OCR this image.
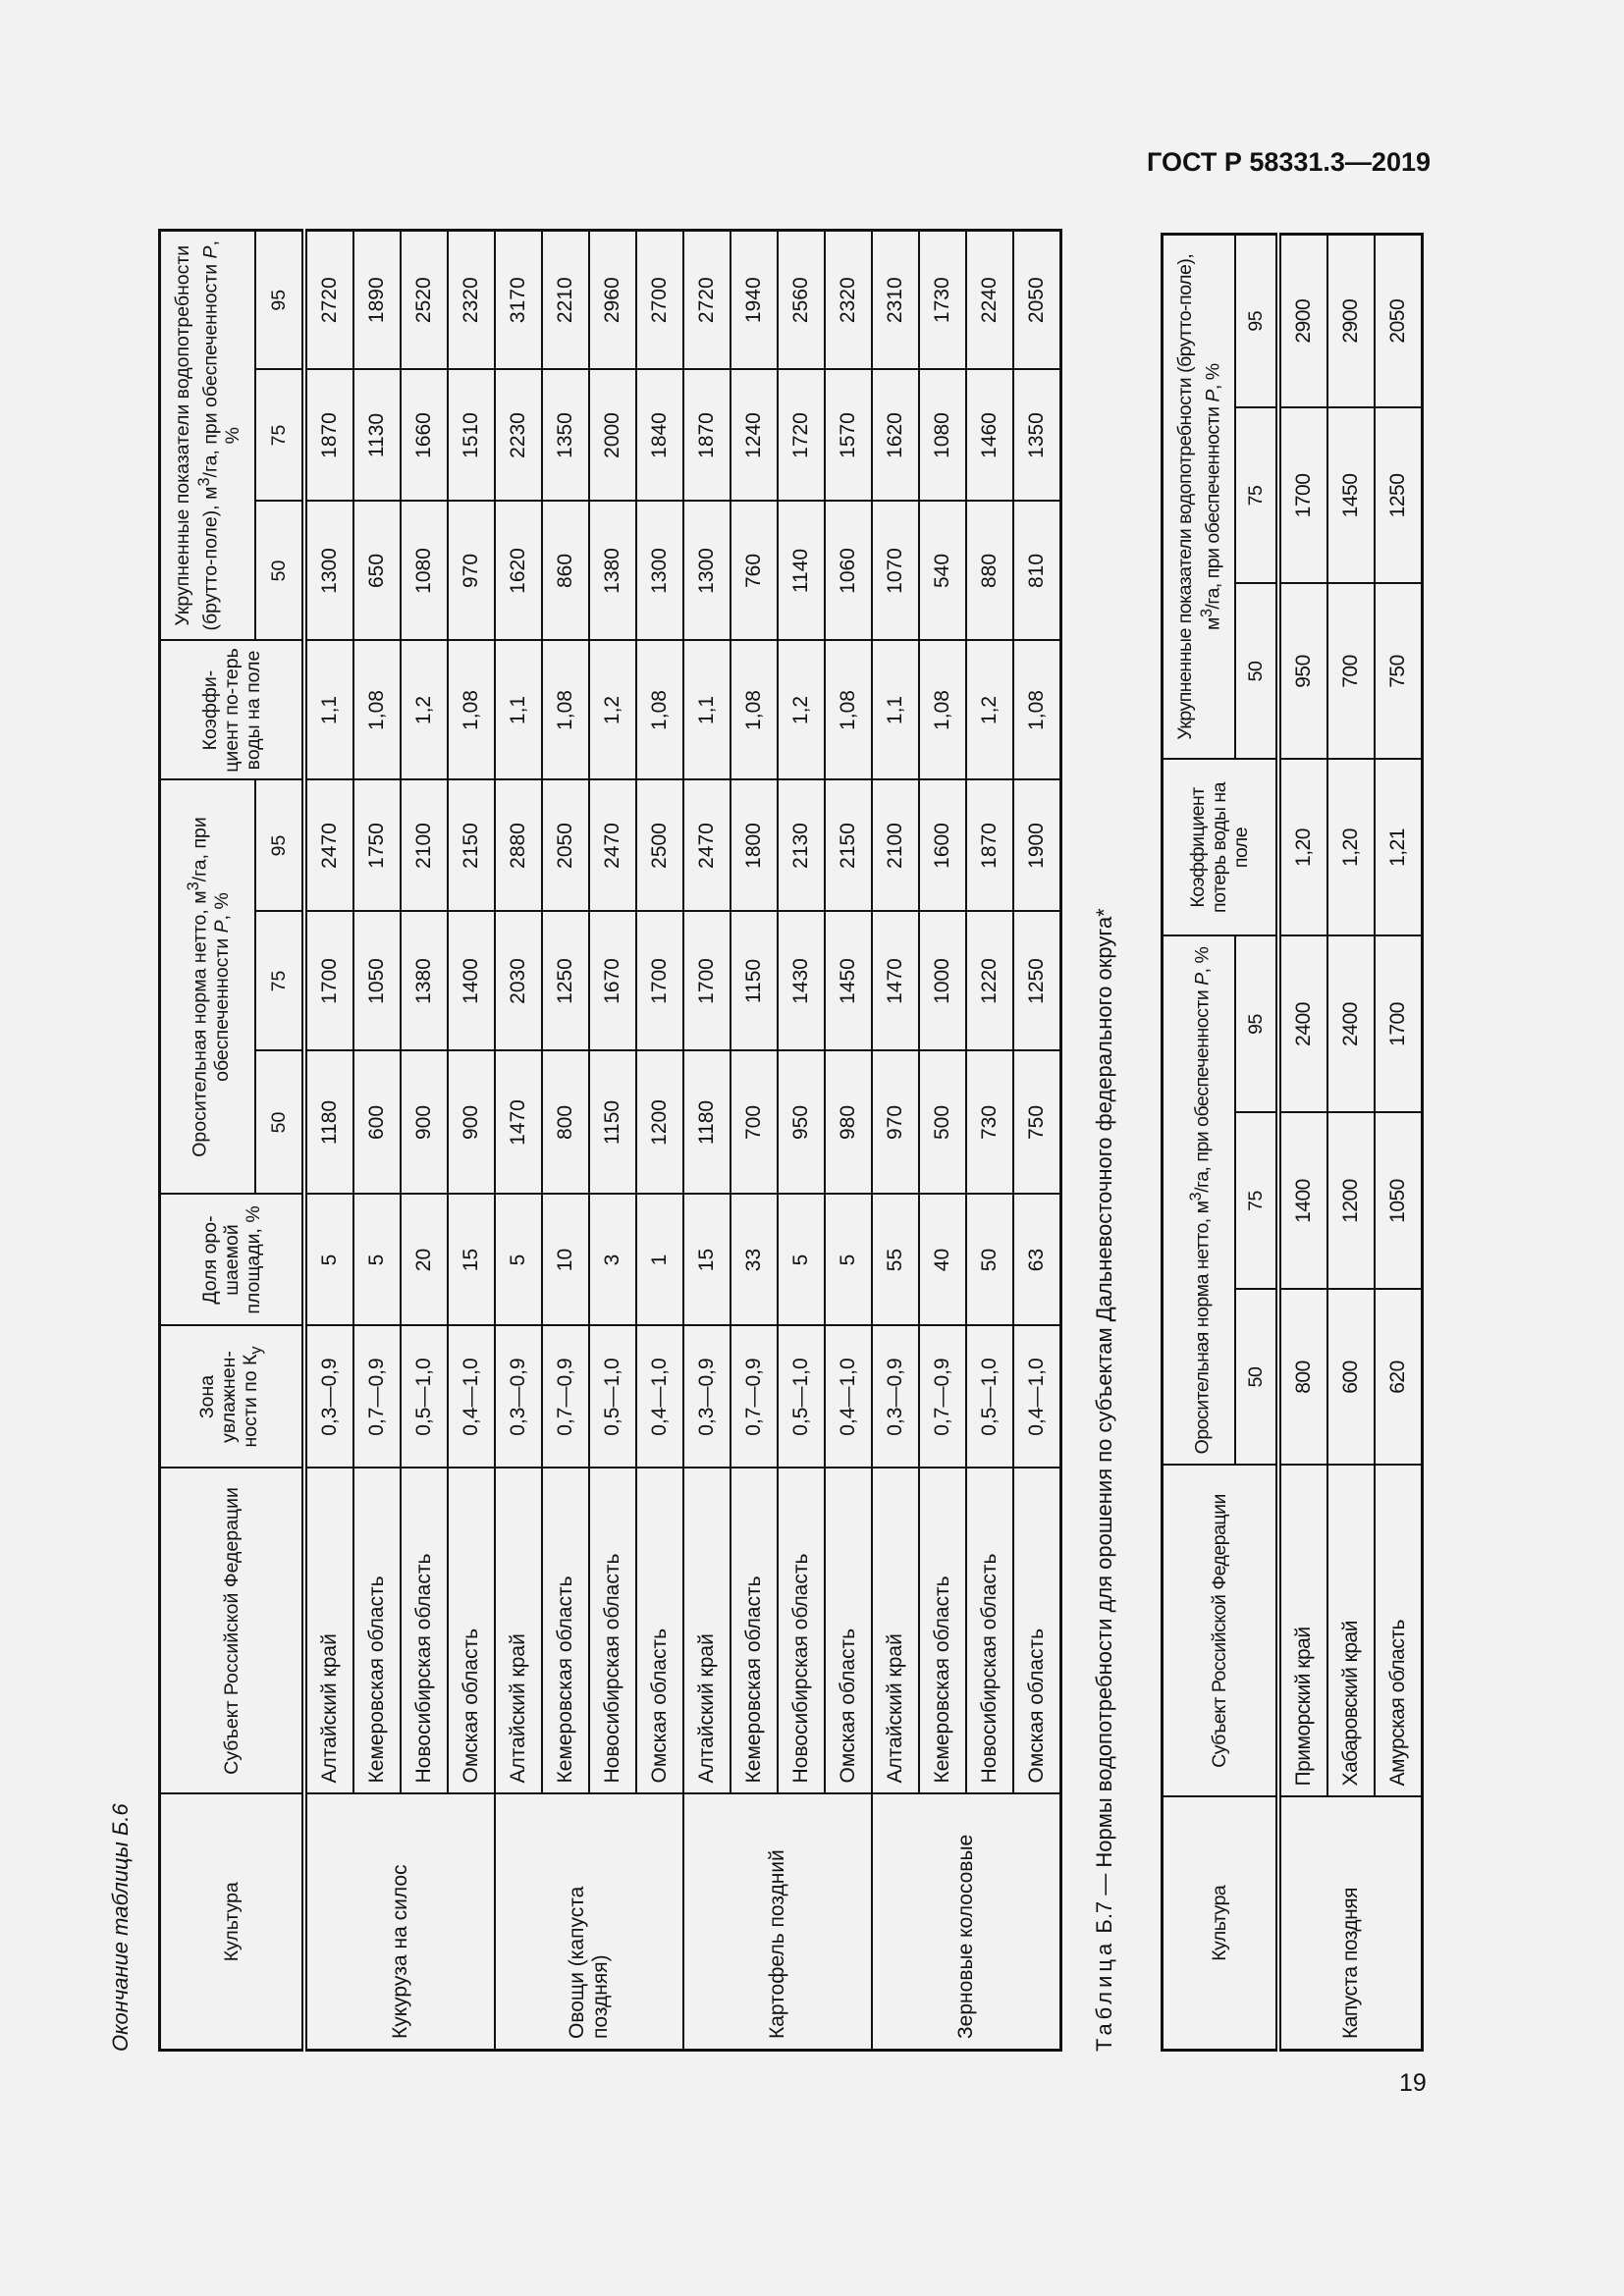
ГОСТ Р 58331.3—2019
Окончание таблицы Б.6	Культура	Субъект Российской Федерации	Зона увлажнен-ности по $К_у$	Доля оро-шаемой площади, %	Оросительная норма нетто, $м^3/га$, при обеспеченности P, %			Коэффи-циент по-терь воды на поле	Укрупненные показатели водопотребности (брутто-поле), $м^3/га$, при обеспеченности P, %		
				50	75	95		50	75	95
Кукуруза на силос	Алтайский край	0,3—0,9	5	1180	1700	2470	1,1	1300	1870	2720
	Кемеровская область	0,7—0,9	5	600	1050	1750	1,08	650	1130	1890
	Новосибирская область	0,5—1,0	20	900	1380	2100	1,2	1080	1660	2520
	Омская область	0,4—1,0	15	900	1400	2150	1,08	970	1510	2320
Овощи (капуста поздняя)	Алтайский край	0,3—0,9	5	1470	2030	2880	1,1	1620	2230	3170
	Кемеровская область	0,7—0,9	10	800	1250	2050	1,08	860	1350	2210
	Новосибирская область	0,5—1,0	3	1150	1670	2470	1,2	1380	2000	2960
	Омская область	0,4—1,0	1	1200	1700	2500	1,08	1300	1840	2700
Картофель поздний	Алтайский край	0,3—0,9	15	1180	1700	2470	1,1	1300	1870	2720
	Кемеровская область	0,7—0,9	33	700	1150	1800	1,08	760	1240	1940
	Новосибирская область	0,5—1,0	5	950	1430	2130	1,2	1140	1720	2560
	Омская область	0,4—1,0	5	980	1450	2150	1,08	1060	1570	2320
Зерновые колосовые	Алтайский край	0,3—0,9	55	970	1470	2100	1,1	1070	1620	2310
	Кемеровская область	0,7—0,9	40	500	1000	1600	1,08	540	1080	1730
	Новосибирская область	0,5—1,0	50	730	1220	1870	1,2	880	1460	2240
	Омская область	0,4—1,0	63	750	1250	1900	1,08	810	1350	2050
Таблица Б.7 — Нормы водопотребности для орошения по субъектам Дальневосточного федерального округа*	Культура	Субъект Российской Федерации	Оросительная норма нетто, $м^3/га$, при обеспеченности P, %			Коэффициент потерь воды на поле	Укрупненные показатели водопотребности (брутто-поле), $м^3/га$, при обеспеченности P, %		
		50	75	95		50	75	95
Капуста поздняя	Приморский край	800	1400	2400	1,20	950	1700	2900
	Хабаровский край	600	1200	2400	1,20	700	1450	2900
	Амурская область	620	1050	1700	1,21	750	1250	2050
19
